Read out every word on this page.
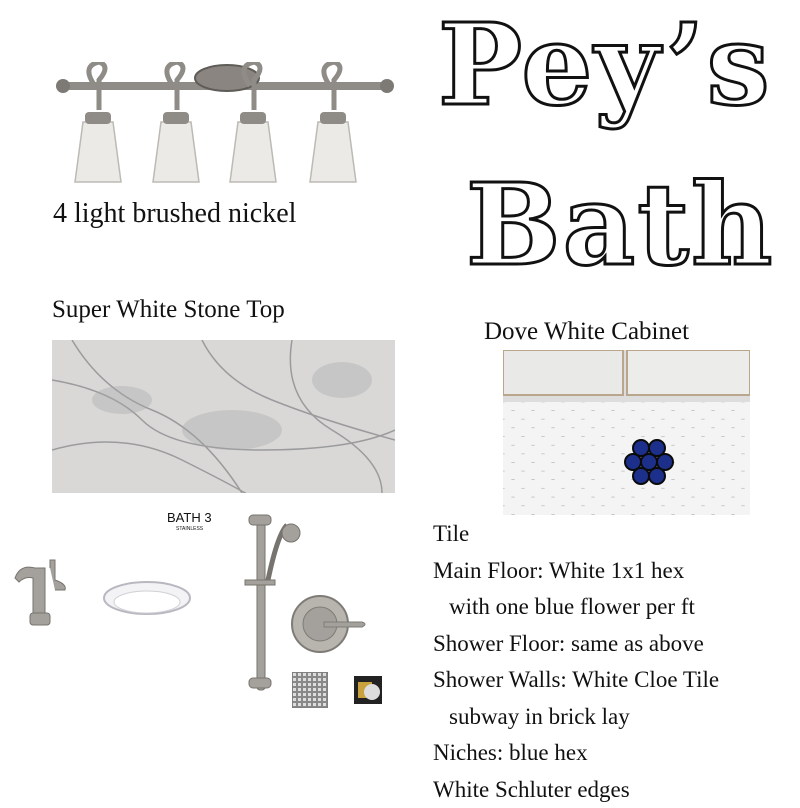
4 light brushed nickel
Pey’s
Bath
Super White Stone Top
Dove White Cabinet
BATH 3
STAINLESS	Tile
Main Floor: White 1x1 hex
with one blue flower per ft
Shower Floor: same as above
Shower Walls: White Cloe Tile
subway in brick lay
Niches: blue hex
White Schluter edges
